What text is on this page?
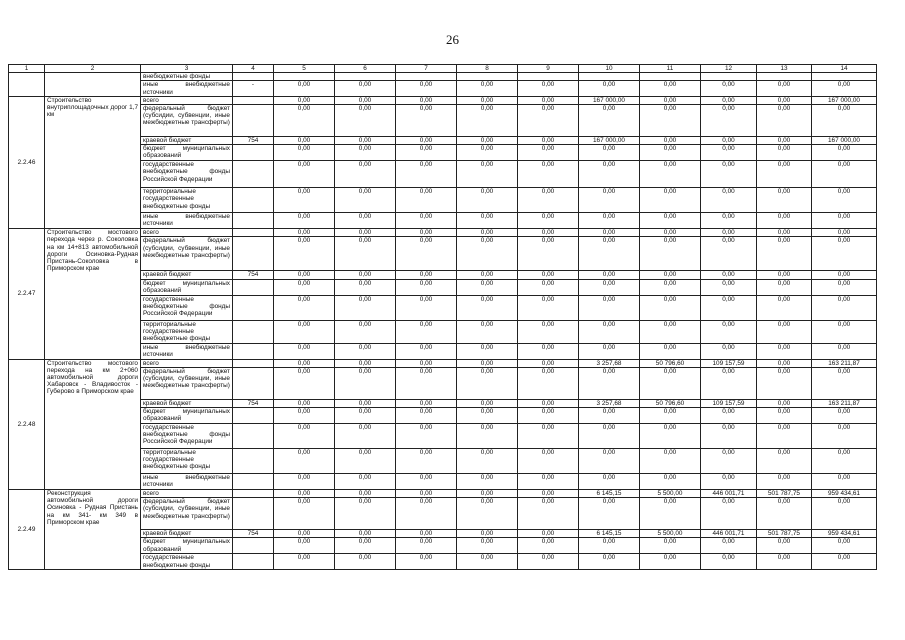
26
1	2	3	4	5	6	7	8	9	10	11	12	13	14
		внебюджетные фонды											
		иные внебюджетные источники	-	0,00	0,00	0,00	0,00	0,00	0,00	0,00	0,00	0,00	0,00
2.2.46	Строительство внутриплощадочных дорог 1,7 км	всего		0,00	0,00	0,00	0,00	0,00	167 000,00	0,00	0,00	0,00	167 000,00
		федеральный бюджет (субсидии, субвенции, иные межбюджетные трансферты)		0,00	0,00	0,00	0,00	0,00	0,00	0,00	0,00	0,00	0,00
		краевой бюджет	754	0,00	0,00	0,00	0,00	0,00	167 000,00	0,00	0,00	0,00	167 000,00
		бюджет муниципальных образований		0,00	0,00	0,00	0,00	0,00	0,00	0,00	0,00	0,00	0,00
		государственные внебюджетные фонды Российской Федерации		0,00	0,00	0,00	0,00	0,00	0,00	0,00	0,00	0,00	0,00
		территориальные государственные внебюджетные фонды		0,00	0,00	0,00	0,00	0,00	0,00	0,00	0,00	0,00	0,00
		иные внебюджетные источники		0,00	0,00	0,00	0,00	0,00	0,00	0,00	0,00	0,00	0,00
2.2.47	Строительство мостового перехода через р. Соколовка на км 14+813 автомобильной дороги Осиновка-Рудная Пристань-Соколовка в Приморском крае	всего		0,00	0,00	0,00	0,00	0,00	0,00	0,00	0,00	0,00	0,00
		федеральный бюджет (субсидии, субвенции, иные межбюджетные трансферты)		0,00	0,00	0,00	0,00	0,00	0,00	0,00	0,00	0,00	0,00
		краевой бюджет	754	0,00	0,00	0,00	0,00	0,00	0,00	0,00	0,00	0,00	0,00
		бюджет муниципальных образований		0,00	0,00	0,00	0,00	0,00	0,00	0,00	0,00	0,00	0,00
		государственные внебюджетные фонды Российской Федерации		0,00	0,00	0,00	0,00	0,00	0,00	0,00	0,00	0,00	0,00
		территориальные государственные внебюджетные фонды		0,00	0,00	0,00	0,00	0,00	0,00	0,00	0,00	0,00	0,00
		иные внебюджетные источники		0,00	0,00	0,00	0,00	0,00	0,00	0,00	0,00	0,00	0,00
2.2.48	Строительство мостового перехода на км 2+060 автомобильной дороги Хабаровск - Владивосток - Губерово в Приморском крае	всего		0,00	0,00	0,00	0,00	0,00	3 257,68	50 796,60	109 157,59	0,00	163 211,87
		федеральный бюджет (субсидии, субвенции, иные межбюджетные трансферты)		0,00	0,00	0,00	0,00	0,00	0,00	0,00	0,00	0,00	0,00
		краевой бюджет	754	0,00	0,00	0,00	0,00	0,00	3 257,68	50 796,60	109 157,59	0,00	163 211,87
		бюджет муниципальных образований		0,00	0,00	0,00	0,00	0,00	0,00	0,00	0,00	0,00	0,00
		государственные внебюджетные фонды Российской Федерации		0,00	0,00	0,00	0,00	0,00	0,00	0,00	0,00	0,00	0,00
		территориальные государственные внебюджетные фонды		0,00	0,00	0,00	0,00	0,00	0,00	0,00	0,00	0,00	0,00
		иные внебюджетные источники		0,00	0,00	0,00	0,00	0,00	0,00	0,00	0,00	0,00	0,00
2.2.49	Реконструкция автомобильной дороги Осиновка - Рудная Пристань на км 341- км 349 в Приморском крае	всего		0,00	0,00	0,00	0,00	0,00	6 145,15	5 500,00	446 001,71	501 787,75	959 434,61
		федеральный бюджет (субсидии, субвенции, иные межбюджетные трансферты)		0,00	0,00	0,00	0,00	0,00	0,00	0,00	0,00	0,00	0,00
		краевой бюджет	754	0,00	0,00	0,00	0,00	0,00	6 145,15	5 500,00	446 001,71	501 787,75	959 434,61
		бюджет муниципальных образований		0,00	0,00	0,00	0,00	0,00	0,00	0,00	0,00	0,00	0,00
		государственные внебюджетные фонды		0,00	0,00	0,00	0,00	0,00	0,00	0,00	0,00	0,00	0,00
